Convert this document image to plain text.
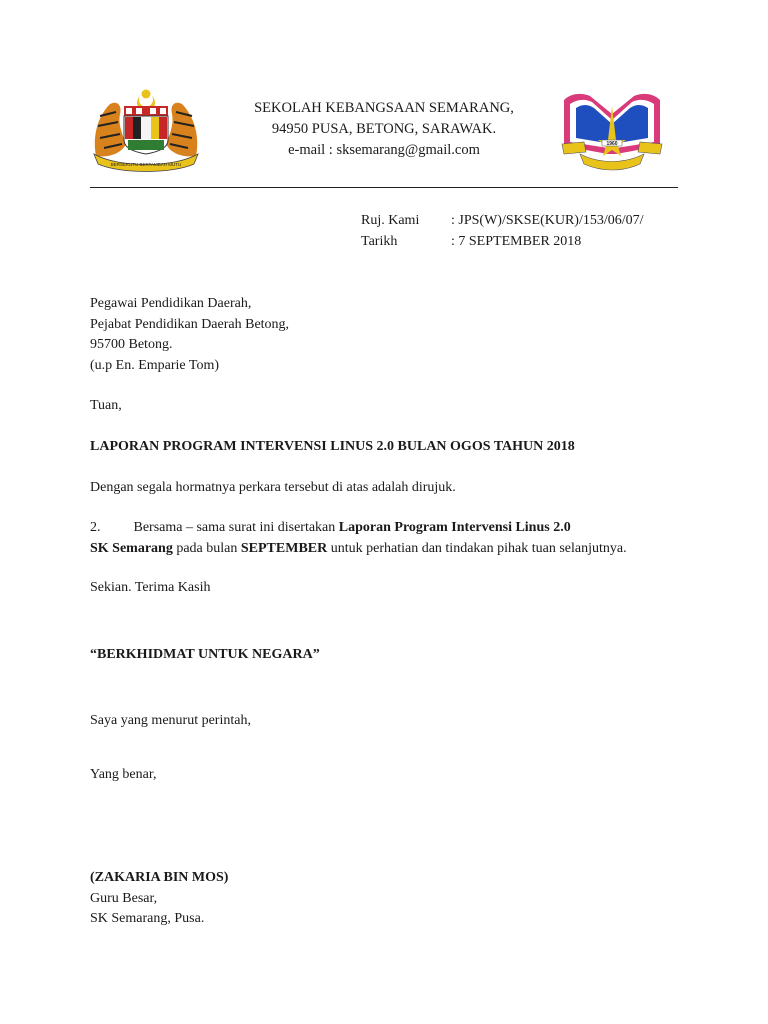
BERSEKUTU BERTAMBAH MUTU
1960
SEKOLAH KEBANGSAAN SEMARANG,
94950 PUSA, BETONG, SARAWAK.
e-mail : sksemarang@gmail.com
Ruj. Kami : JPS(W)/SKSE(KUR)/153/06/07/
Tarikh	: 7 SEPTEMBER 2018
Pegawai Pendidikan Daerah,
Pejabat Pendidikan Daerah Betong,
95700 Betong.
(u.p En. Emparie Tom)
Tuan,
LAPORAN PROGRAM INTERVENSI LINUS 2.0 BULAN OGOS TAHUN 2018
Dengan segala hormatnya perkara tersebut di atas adalah dirujuk.
2. Bersama – sama surat ini disertakan Laporan Program Intervensi Linus 2.0
SK Semarang pada bulan SEPTEMBER untuk perhatian dan tindakan pihak tuan selanjutnya.
Sekian. Terima Kasih
“BERKHIDMAT UNTUK NEGARA”
Saya yang menurut perintah,
Yang benar,
(ZAKARIA BIN MOS)
Guru Besar,
SK Semarang, Pusa.
